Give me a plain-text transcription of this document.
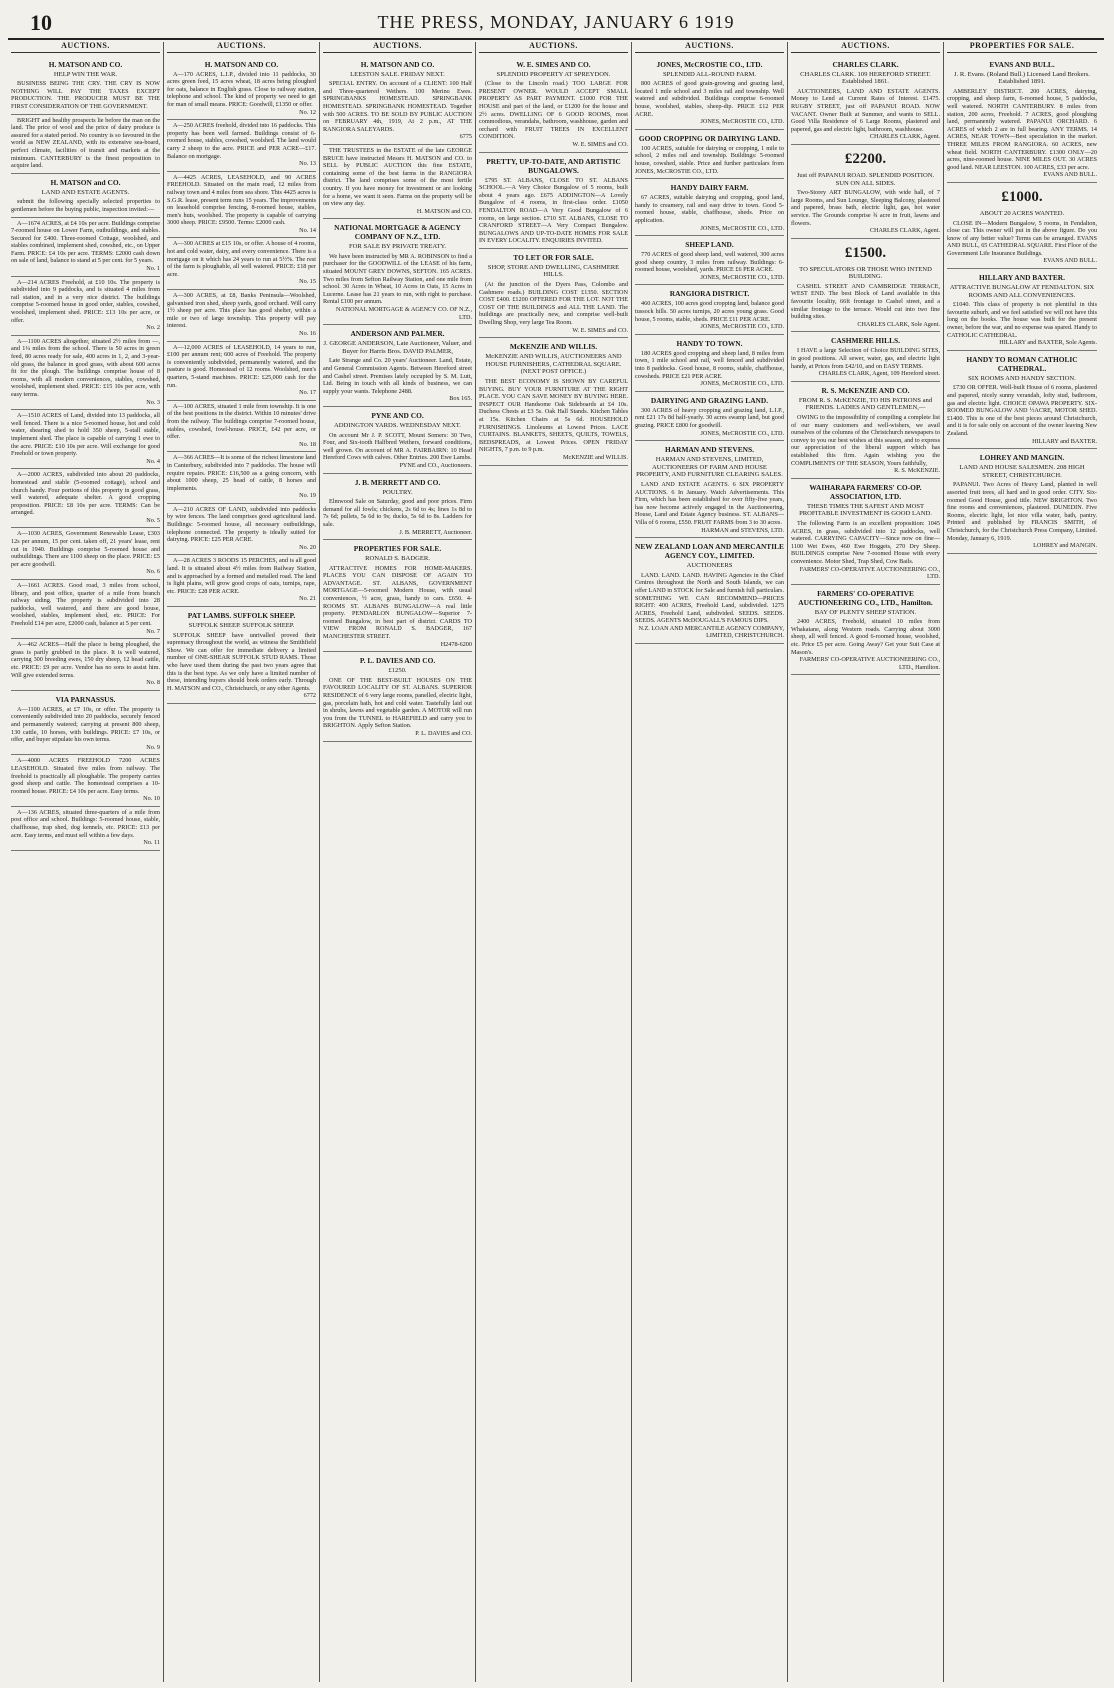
10	THE PRESS, MONDAY, JANUARY 6 1919
AUCTIONS.
H. MATSON AND CO.
HELP WIN THE WAR.
BUSINESS BEING THE CRY. THE CRY IS NOW NOTHING WILL PAY THE TAXES EXCEPT PRODUCTION. THE PRODUCER MUST BE THE FIRST CONSIDERATION OF THE GOVERNMENT.
BRIGHT and healthy prospects lie before the man on the land. The price of wool and the price of dairy produce is assured for a stated period. No country is so favoured in the world as NEW ZEALAND, with its extensive sea-board, perfect climate, facilities of transit and markets at the minimum. CANTERBURY is the finest proposition to acquire land.
H. MATSON and CO.
LAND AND ESTATE AGENTS.
submit the following specially selected properties to gentlemen before the buying public, inspection invited:—
A—1674 ACRES, at £4 10s per acre. Buildings comprise 7-roomed house on Lower Farm, outbuildings, and stables. Secured for £400. Three-roomed Cottage, woolshed, and stables combined, implement shed, cowshed, etc., on Upper Farm. PRICE: £4 10s per acre. TERMS: £2000 cash down on sale of land, balance to stand at 5 per cent. for 5 years.
No. 1
A—214 ACRES Freehold, at £10 10s. The property is subdivided into 9 paddocks, and is situated 4 miles from rail station, and in a very nice district. The buildings comprise 5-roomed house in good order, stables, cowshed, woolshed, implement shed. PRICE: £13 10s per acre, or offer.
No. 2
A—1100 ACRES altogether, situated 2½ miles from —, and 1¼ miles from the school. There is 50 acres in green feed, 80 acres ready for sale, 400 acres in 1, 2, and 3-year-old grass, the balance in good grass, with about 600 acres fit for the plough. The buildings comprise house of 8 rooms, with all modern conveniences, stables, cowshed, woolshed, implement shed. PRICE: £15 10s per acre, with easy terms.
No. 3
A—1510 ACRES of Land, divided into 13 paddocks, all well fenced. There is a nice 5-roomed house, hot and cold water, shearing shed to hold 350 sheep, 5-stall stable, implement shed. The place is capable of carrying 1 ewe to the acre. PRICE: £10 10s per acre. Will exchange for good Freehold or town property.
No. 4
A—2000 ACRES, subdivided into about 20 paddocks, homestead and stable (5-roomed cottage), school and church handy. Four portions of this property in good grass, well watered, adequate shelter. A good cropping proposition. PRICE: £8 10s per acre. TERMS: Can be arranged.
No. 5
A—1030 ACRES, Government Renewable Lease, £303 12s per annum, 15 per cent. taken off, 21 years' lease, rent cut in 1940. Buildings comprise 5-roomed house and outbuildings. There are 1100 sheep on the place. PRICE: £5 per acre goodwill.
No. 6
A—1661 ACRES. Good road, 3 miles from school, library, and post office, quarter of a mile from branch railway siding. The property is subdivided into 28 paddocks, well watered, and there are good house, woolshed, stables, implement shed, etc. PRICE: For Freehold £14 per acre, £2000 cash, balance at 5 per cent.
No. 7
A—462 ACRES—Half the place is being ploughed, the grass is partly grubbed in the place. It is well watered, carrying 300 breeding ewes, 150 dry sheep, 12 head cattle, etc. PRICE: £9 per acre. Vendor has no sons to assist him. Will give extended terms.
No. 8
VIA PARNASSUS.
A—1100 ACRES, at £7 10s, or offer. The property is conveniently subdivided into 20 paddocks, securely fenced and permanently watered; carrying at present 800 sheep, 130 cattle, 10 horses, with buildings. PRICE: £7 10s, or offer, and buyer stipulate his own terms.
No. 9
A—4000 ACRES FREEHOLD 7200 ACRES LEASEHOLD. Situated five miles from railway. The freehold is practically all ploughable. The property carries good sheep and cattle. The homestead comprises a 10-roomed house. PRICE: £4 10s per acre. Easy terms.
No. 10
A—136 ACRES, situated three-quarters of a mile from post office and school. Buildings: 5-roomed house, stable, chaffhouse, trap shed, dog kennels, etc. PRICE: £13 per acre. Easy terms, and must sell within a few days.
No. 11
AUCTIONS.
H. MATSON AND CO.
A—170 ACRES, L.I.P., divided into 11 paddocks, 30 acres green feed, 15 acres wheat, 18 acres being ploughed for oats, balance in English grass. Close to railway station, telephone and school. The kind of property we need to get for man of small means. PRICE: Goodwill, £1350 or offer.
No. 12
A—250 ACRES freehold, divided into 16 paddocks. This property has been well farmed. Buildings consist of 6-roomed house, stables, cowshed, woolshed. The land would carry 2 sheep to the acre. PRICE and PER ACRE—£17. Balance on mortgage.
No. 13
A—4425 ACRES, LEASEHOLD, and 90 ACRES FREEHOLD. Situated on the main road, 12 miles from railway town and 4 miles from sea shore. This 4425 acres is S.G.R. lease, present term runs 15 years. The improvements on leasehold comprise fencing, 8-roomed house, stables, men's huts, woolshed. The property is capable of carrying 3000 sheep. PRICE: £9500. Terms: £2000 cash.
No. 14
A—300 ACRES at £15 10s, or offer. A house of 4 rooms, hot and cold water, dairy, and every convenience. There is a mortgage on it which has 24 years to run at 5½%. The rest of the farm is ploughable, all well watered. PRICE: £18 per acre.
No. 15
A—300 ACRES, at £8, Banks Peninsula—Woolshed, galvanised iron shed, sheep yards, good orchard. Will carry 1½ sheep per acre. This place has good shelter, within a mile or two of large township. This property will pay interest.
No. 16
A—12,000 ACRES of LEASEHOLD, 14 years to run, £100 per annum rent; 600 acres of Freehold. The property is conveniently subdivided, permanently watered, and the pasture is good. Homestead of 12 rooms. Woolshed, men's quarters, 5-stand machines. PRICE: £25,000 cash for the run.
No. 17
A—100 ACRES, situated 1 mile from township. It is one of the best positions in the district. Within 10 minutes' drive from the railway. The buildings comprise 7-roomed house, stables, cowshed, fowl-house. PRICE, £42 per acre, or offer.
No. 18
A—366 ACRES—It is some of the richest limestone land in Canterbury, subdivided into 7 paddocks. The house will require repairs. PRICE: £16,500 as a going concern, with about 1000 sheep, 25 head of cattle, 8 horses and implements.
No. 19
A—210 ACRES OF LAND, subdivided into paddocks by wire fences. The land comprises good agricultural land. Buildings: 5-roomed house, all necessary outbuildings, telephone connected. The property is ideally suited for dairying. PRICE: £25 PER ACRE.
No. 20
A—28 ACRES 3 ROODS 15 PERCHES, and is all good land. It is situated about 4½ miles from Railway Station, and is approached by a formed and metalled road. The land is light plains, will grow good crops of oats, turnips, rape, etc. PRICE: £28 PER ACRE.
No. 21
PAT LAMBS. SUFFOLK SHEEP.
SUFFOLK SHEEP. SUFFOLK SHEEP.
SUFFOLK SHEEP have unrivalled proved their supremacy throughout the world, as witness the Smithfield Show. We can offer for immediate delivery a limited number of ONE-SHEAR SUFFOLK STUD RAMS. Those who have used them during the past two years agree that this is the best type. As we only have a limited number of these, intending buyers should book orders early. Through H. MATSON and CO., Christchurch, or any other Agents.
6772
AUCTIONS.
H. MATSON AND CO.
LEESTON SALE. FRIDAY NEXT.
SPECIAL ENTRY. On account of a CLIENT: 100 Half and Three-quartered Wethers. 100 Merino Ewes. SPRINGBANKS HOMESTEAD. SPRINGBANK HOMESTEAD. SPRINGBANK HOMESTEAD. Together with 500 ACRES. TO BE SOLD BY PUBLIC AUCTION on FEBRUARY 4th, 1919, At 2 p.m., AT THE RANGIORA SALEYARDS.
6775
THE TRUSTEES in the ESTATE of the late GEORGE BRUCE have instructed Messrs H. MATSON and CO. to SELL by PUBLIC AUCTION this fine ESTATE, containing some of the best farms in the RANGIORA district. The land comprises some of the most fertile country. If you have money for investment or are looking for a home, we want it seen. Farms on the property will be on view any day.
H. MATSON and CO.
NATIONAL MORTGAGE & AGENCY COMPANY OF N.Z., LTD.
FOR SALE BY PRIVATE TREATY.
We have been instructed by MR A. ROBINSON to find a purchaser for the GOODWILL of the LEASE of his farm, situated MOUNT GREY DOWNS, SEFTON. 165 ACRES. Two miles from Sefton Railway Station, and one mile from school. 30 Acres in Wheat, 10 Acres in Oats, 15 Acres in Lucerne. Lease has 21 years to run, with right to purchase. Rental £100 per annum.
NATIONAL MORTGAGE & AGENCY CO. OF N.Z., LTD.
ANDERSON AND PALMER.
J. GEORGE ANDERSON, Late Auctioneer, Valuer, and Buyer for Harris Bros. DAVID PALMER,
Late Strange and Co. 20 years' Auctioneer. Land, Estate, and General Commission Agents. Between Hereford street and Cashel street. Premises lately occupied by S. M. Lutt, Ltd. Being in touch with all kinds of business, we can supply your wants. Telephone 2488.
Box 165.
PYNE AND CO.
ADDINGTON YARDS. WEDNESDAY NEXT.
On account Mr J. P. SCOTT, Mount Somers: 30 Two, Four, and Six-tooth Halfbred Wethers, forward conditions, well grown. On account of MR A. FAIRBAIRN: 10 Head Hereford Cows with calves. Other Entries. 200 Ewe Lambs.
PYNE and CO., Auctioneers.
J. B. MERRETT AND CO.
POULTRY.
Elmwood Sale on Saturday, good and poor prices. Firm demand for all fowls; chickens, 2s 6d to 4s; lines 1s 8d to 7s 6d; pullets, 5s 6d to 9s; ducks, 5s 6d to 8s. Ladders for sale.
J. B. MERRETT, Auctioneer.
PROPERTIES FOR SALE.
RONALD S. BADGER.
ATTRACTIVE HOMES FOR HOME-MAKERS. PLACES YOU CAN DISPOSE OF AGAIN TO ADVANTAGE. ST. ALBANS, GOVERNMENT MORTGAGE—5-roomed Modern House, with usual conveniences, ½ acre, grass, handy to cars. £650. 4-ROOMS ST. ALBANS BUNGALOW—A real little property. PENDARLON BUNGALOW—Superior 7-roomed Bungalow, in best part of district. CARDS TO VIEW FROM RONALD S. BADGER, 167 MANCHESTER STREET.
H2478-6200
P. L. DAVIES AND CO.
£1250.
ONE OF THE BEST-BUILT HOUSES ON THE FAVOURED LOCALITY OF ST. ALBANS. SUPERIOR RESIDENCE of 6 very large rooms, panelled, electric light, gas, porcelain bath, hot and cold water. Tastefully laid out in shrubs, lawns and vegetable garden. A MOTOR will run you from the TUNNEL to HAREFIELD and carry you to BRIGHTON. Apply Sefton Station.
P. L. DAVIES and CO.
AUCTIONS.
W. E. SIMES AND CO.
SPLENDID PROPERTY AT SPREYDON.
(Close to the Lincoln road.) TOO LARGE FOR PRESENT OWNER. WOULD ACCEPT SMALL PROPERTY AS PART PAYMENT. £1000 FOR THE HOUSE and part of the land, or £1200 for the house and 2½ acres. DWELLING OF 6 GOOD ROOMS, most commodious, verandahs, bathroom, washhouse, garden and orchard with FRUIT TREES IN EXCELLENT CONDITION.
W. E. SIMES and CO.
PRETTY, UP-TO-DATE, AND ARTISTIC BUNGALOWS.
£795 ST. ALBANS, CLOSE TO ST. ALBANS SCHOOL.—A Very Choice Bungalow of 5 rooms, built about 4 years ago. £675 ADDINGTON—A Lovely Bungalow of 4 rooms, in first-class order. £1050 FENDALTON ROAD—A Very Good Bungalow of 6 rooms, on large section. £710 ST. ALBANS, CLOSE TO CRANFORD STREET—A Very Compact Bungalow. BUNGALOWS AND UP-TO-DATE HOMES FOR SALE IN EVERY LOCALITY. ENQUIRIES INVITED.
TO LET OR FOR SALE.
SHOP, STORE AND DWELLING, CASHMERE HILLS.
(At the junction of the Dyers Pass, Colombo and Cashmere roads.) BUILDING COST £1350. SECTION COST £400. £1200 OFFERED FOR THE LOT. NOT THE COST OF THE BUILDINGS and ALL THE LAND. The buildings are practically new, and comprise well-built Dwelling Shop, very large Tea Room.
W. E. SIMES and CO.
McKENZIE AND WILLIS.
McKENZIE AND WILLIS, AUCTIONEERS AND HOUSE FURNISHERS, CATHEDRAL SQUARE. (NEXT POST OFFICE.)
THE BEST ECONOMY IS SHOWN BY CAREFUL BUYING. BUY YOUR FURNITURE AT THE RIGHT PLACE. YOU CAN SAVE MONEY BY BUYING HERE. INSPECT OUR Handsome Oak Sideboards at £4 10s. Duchess Chests at £3 5s. Oak Hall Stands. Kitchen Tables at 15s. Kitchen Chairs at 5s 6d. HOUSEHOLD FURNISHINGS. Linoleums at Lowest Prices. LACE CURTAINS. BLANKETS, SHEETS, QUILTS, TOWELS, BEDSPREADS, at Lowest Prices. OPEN FRIDAY NIGHTS, 7 p.m. to 9 p.m.
McKENZIE and WILLIS.
AUCTIONS.
JONES, McCROSTIE CO., LTD.
SPLENDID ALL-ROUND FARM.
800 ACRES of good grain-growing and grazing land, located 1 mile school and 3 miles rail and township. Well watered and subdivided. Buildings comprise 6-roomed house, woolshed, stables, sheep-dip. PRICE £12 PER ACRE.
JONES, McCROSTIE CO., LTD.
GOOD CROPPING OR DAIRYING LAND.
100 ACRES, suitable for dairying or cropping, 1 mile to school, 2 miles rail and township. Buildings: 5-roomed house, cowshed, stable. Price and further particulars from JONES, McCROSTIE CO., LTD.
HANDY DAIRY FARM.
67 ACRES, suitable dairying and cropping, good land, handy to creamery, rail and easy drive to town. Good 5-roomed house, stable, chaffhouse, sheds. Price on application.
JONES, McCROSTIE CO., LTD.
SHEEP LAND.
770 ACRES of good sheep land, well watered, 300 acres good sheep country, 3 miles from railway. Buildings: 6-roomed house, woolshed, yards. PRICE £6 PER ACRE.
JONES, McCROSTIE CO., LTD.
RANGIORA DISTRICT.
460 ACRES, 100 acres good cropping land, balance good tussock hills. 50 acres turnips, 20 acres young grass. Good house, 5 rooms, stable, sheds. PRICE £11 PER ACRE.
JONES, McCROSTIE CO., LTD.
HANDY TO TOWN.
180 ACRES good cropping and sheep land, 8 miles from town, 1 mile school and rail, well fenced and subdivided into 8 paddocks. Good house, 8 rooms, stable, chaffhouse, cowsheds. PRICE £21 PER ACRE.
JONES, McCROSTIE CO., LTD.
DAIRYING AND GRAZING LAND.
300 ACRES of heavy cropping and grazing land, L.I.P., rent £21 17s 8d half-yearly. 30 acres swamp land, but good grazing. PRICE £800 for goodwill.
JONES, McCROSTIE CO., LTD.
HARMAN AND STEVENS.
HARMAN AND STEVENS, LIMITED, AUCTIONEERS OF FARM AND HOUSE PROPERTY, AND FURNITURE CLEARING SALES.
LAND AND ESTATE AGENTS. 6 SIX PROPERTY AUCTIONS. 6 In January. Watch Advertisements. This Firm, which has been established for over fifty-five years, has now become actively engaged in the Auctioneering, House, Land and Estate Agency business. ST. ALBANS—Villa of 6 rooms, £550. FRUIT FARMS from 3 to 30 acres.
HARMAN and STEVENS, LTD.
NEW ZEALAND LOAN AND MERCANTILE AGENCY COY., LIMITED.
AUCTIONEERS
LAND. LAND. LAND. HAVING Agencies in the Chief Centres throughout the North and South Islands, we can offer LAND in STOCK for Sale and furnish full particulars. SOMETHING WE CAN RECOMMEND—PRICES RIGHT: 400 ACRES, Freehold Land, subdivided. 1275 ACRES, Freehold Land, subdivided. SEEDS. SEEDS. SEEDS. AGENTS McDOUGALL'S FAMOUS DIPS.
N.Z. LOAN AND MERCANTILE AGENCY COMPANY, LIMITED, CHRISTCHURCH.
AUCTIONS.
CHARLES CLARK.
CHARLES CLARK. 109 HEREFORD STREET. Established 1861.
AUCTIONEERS, LAND AND ESTATE AGENTS. Money to Lend at Current Rates of Interest. £1475. RUGBY STREET, just off PAPANUI ROAD. NOW VACANT. Owner Built at Summer, and wants to SELL. Good Villa Residence of 6 Large Rooms, plastered and papered, gas and electric light, bathroom, washhouse.
CHARLES CLARK, Agent.
£2200.
Just off PAPANUI ROAD. SPLENDID POSITION. SUN ON ALL SIDES.
Two-Storey ART BUNGALOW, with wide hall, of 7 large Rooms, and Sun Lounge, Sleeping Balcony, plastered and papered, brass bath, electric light, gas, hot water service. The Grounds comprise ¾ acre in fruit, lawns and flowers.
CHARLES CLARK, Agent.
£1500.
TO SPECULATORS OR THOSE WHO INTEND BUILDING.
CASHEL STREET AND CAMBRIDGE TERRACE, WEST END. The best Block of Land available in this favourite locality, 66ft frontage to Cashel street, and a similar frontage to the terrace. Would cut into two fine building sites.
CHARLES CLARK, Sole Agent.
CASHMERE HILLS.
I HAVE a large Selection of Choice BUILDING SITES, in good positions. All sewer, water, gas, and electric light handy, at Prices from £42/10, and on EASY TERMS.
CHARLES CLARK, Agent, 109 Hereford street.
R. S. McKENZIE AND CO.
FROM R. S. McKENZIE, TO HIS PATRONS and FRIENDS. LADIES AND GENTLEMEN,—
OWING to the impossibility of compiling a complete list of our many customers and well-wishers, we avail ourselves of the columns of the Christchurch newspapers to convey to you our best wishes at this season, and to express our appreciation of the liberal support which has established this firm. Again wishing you the COMPLIMENTS OF THE SEASON, Yours faithfully,
R. S. McKENZIE.
WAIHARAPA FARMERS' CO-OP. ASSOCIATION, LTD.
THESE TIMES THE SAFEST AND MOST PROFITABLE INVESTMENT IS GOOD LAND.
The following Farm is an excellent proposition: 1045 ACRES, in grass, subdivided into 12 paddocks, well watered. CARRYING CAPACITY—Since now on fine—1100 Wet Ewes, 460 Ewe Hoggets, 270 Dry Sheep. BUILDINGS comprise New 7-roomed House with every convenience. Motor Shed, Trap Shed, Cow Bails.
FARMERS' CO-OPERATIVE AUCTIONEERING CO., LTD.
FARMERS' CO-OPERATIVE AUCTIONEERING CO., LTD., Hamilton.
BAY OF PLENTY SHEEP STATION.
2400 ACRES, Freehold, situated 10 miles from Whakatane, along Western roads. Carrying about 3000 sheep, all well fenced. A good 6-roomed house, woolshed, etc. Price £5 per acre. Going Away? Get your Suit Case at Mason's.
FARMERS' CO-OPERATIVE AUCTIONEERING CO., LTD., Hamilton.
PROPERTIES FOR SALE.
EVANS AND BULL.
J. R. Evans. (Roland Bull.) Licensed Land Brokers. Established 1891.
AMBERLEY DISTRICT. 200 ACRES, dairying, cropping, and sheep farm, 6-roomed house, 5 paddocks, well watered. NORTH CANTERBURY. 8 miles from station, 200 acres, Freehold. 7 ACRES, good ploughing land, permanently watered. PAPANUI ORCHARD. 6 ACRES of which 2 are in full bearing. ANY TERMS. 14 ACRES, NEAR TOWN—Best speculation in the market. THREE MILES FROM RANGIORA. 60 ACRES, new wheat field. NORTH CANTERBURY. £1300 ONLY—20 acres, nine-roomed house. NINE MILES OUT. 30 ACRES good land. NEAR LEESTON. 100 ACRES, £33 per acre.
EVANS AND BULL.
£1000.
ABOUT 20 ACRES WANTED.
CLOSE IN—Modern Bungalow, 5 rooms, in Fendalton, close car. This owner will put in the above figure. Do you know of any better value? Terms can be arranged. EVANS AND BULL, 65 CATHEDRAL SQUARE. First Floor of the Government Life Insurance Buildings.
EVANS AND BULL.
HILLARY AND BAXTER.
ATTRACTIVE BUNGALOW AT FENDALTON. SIX ROOMS AND ALL CONVENIENCES.
£1040. This class of property is not plentiful in this favourite suburb, and we feel satisfied we will not have this long on the books. The house was built for the present owner, before the war, and no expense was spared. Handy to CATHOLIC CATHEDRAL.
HILLARY and BAXTER, Sole Agents.
HANDY TO ROMAN CATHOLIC CATHEDRAL.
SIX ROOMS AND HANDY SECTION.
£730 OR OFFER. Well-built House of 6 rooms, plastered and papered, nicely sunny verandah, lofty stud, bathroom, gas and electric light. CHOICE OPAWA PROPERTY. SIX-ROOMED BUNGALOW AND ½ACRE, MOTOR SHED. £1400. This is one of the best pieces around Christchurch, and it is for sale only on account of the owner leaving New Zealand.
HILLARY and BAXTER.
LOHREY AND MANGIN.
LAND AND HOUSE SALESMEN. 208 HIGH STREET, CHRISTCHURCH.
PAPANUI. Two Acres of Heavy Land, planted in well assorted fruit trees, all hard and in good order. CITY. Six-roomed Good House, good title. NEW BRIGHTON. Two fine rooms and conveniences, plastered. DUNEDIN. Five Rooms, electric light, lot nice villa water, bath, pantry. Printed and published by FRANCIS SMITH, of Christchurch, for the Christchurch Press Company, Limited. Monday, January 6, 1919.
LOHREY and MANGIN.
